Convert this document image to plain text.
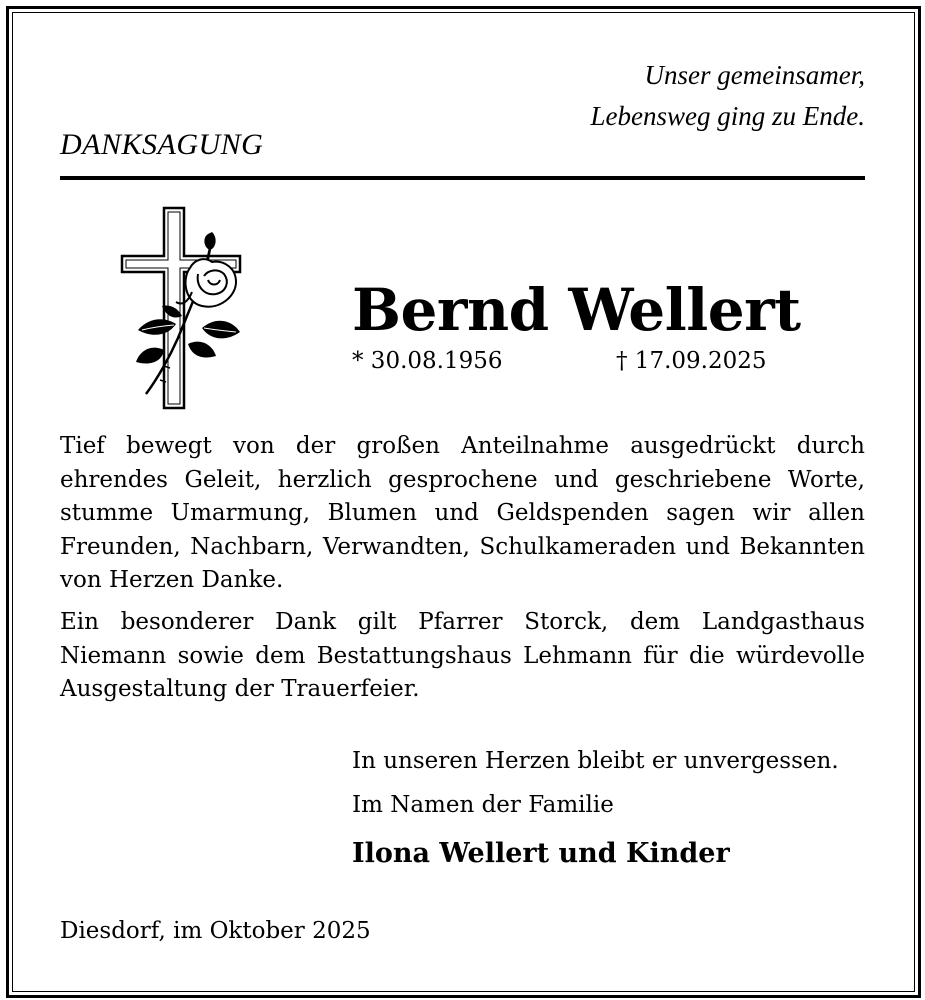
Unser gemeinsamer,
Lebensweg ging zu Ende.
DANKSAGUNG
Bernd Wellert
* 30.08.1956	† 17.09.2025
Tief bewegt von der großen Anteilnahme ausgedrückt durch ehrendes Geleit, herzlich gesprochene und geschriebene Worte, stumme Umarmung, Blumen und Geldspenden sagen wir allen Freunden, Nachbarn, Verwandten, Schulkameraden und Bekannten von Herzen Danke.
Ein besonderer Dank gilt Pfarrer Storck, dem Landgasthaus Niemann sowie dem Bestattungshaus Lehmann für die würdevolle Ausgestaltung der Trauerfeier.
In unseren Herzen bleibt er unvergessen.
Im Namen der Familie
Ilona Wellert und Kinder
Diesdorf, im Oktober 2025
